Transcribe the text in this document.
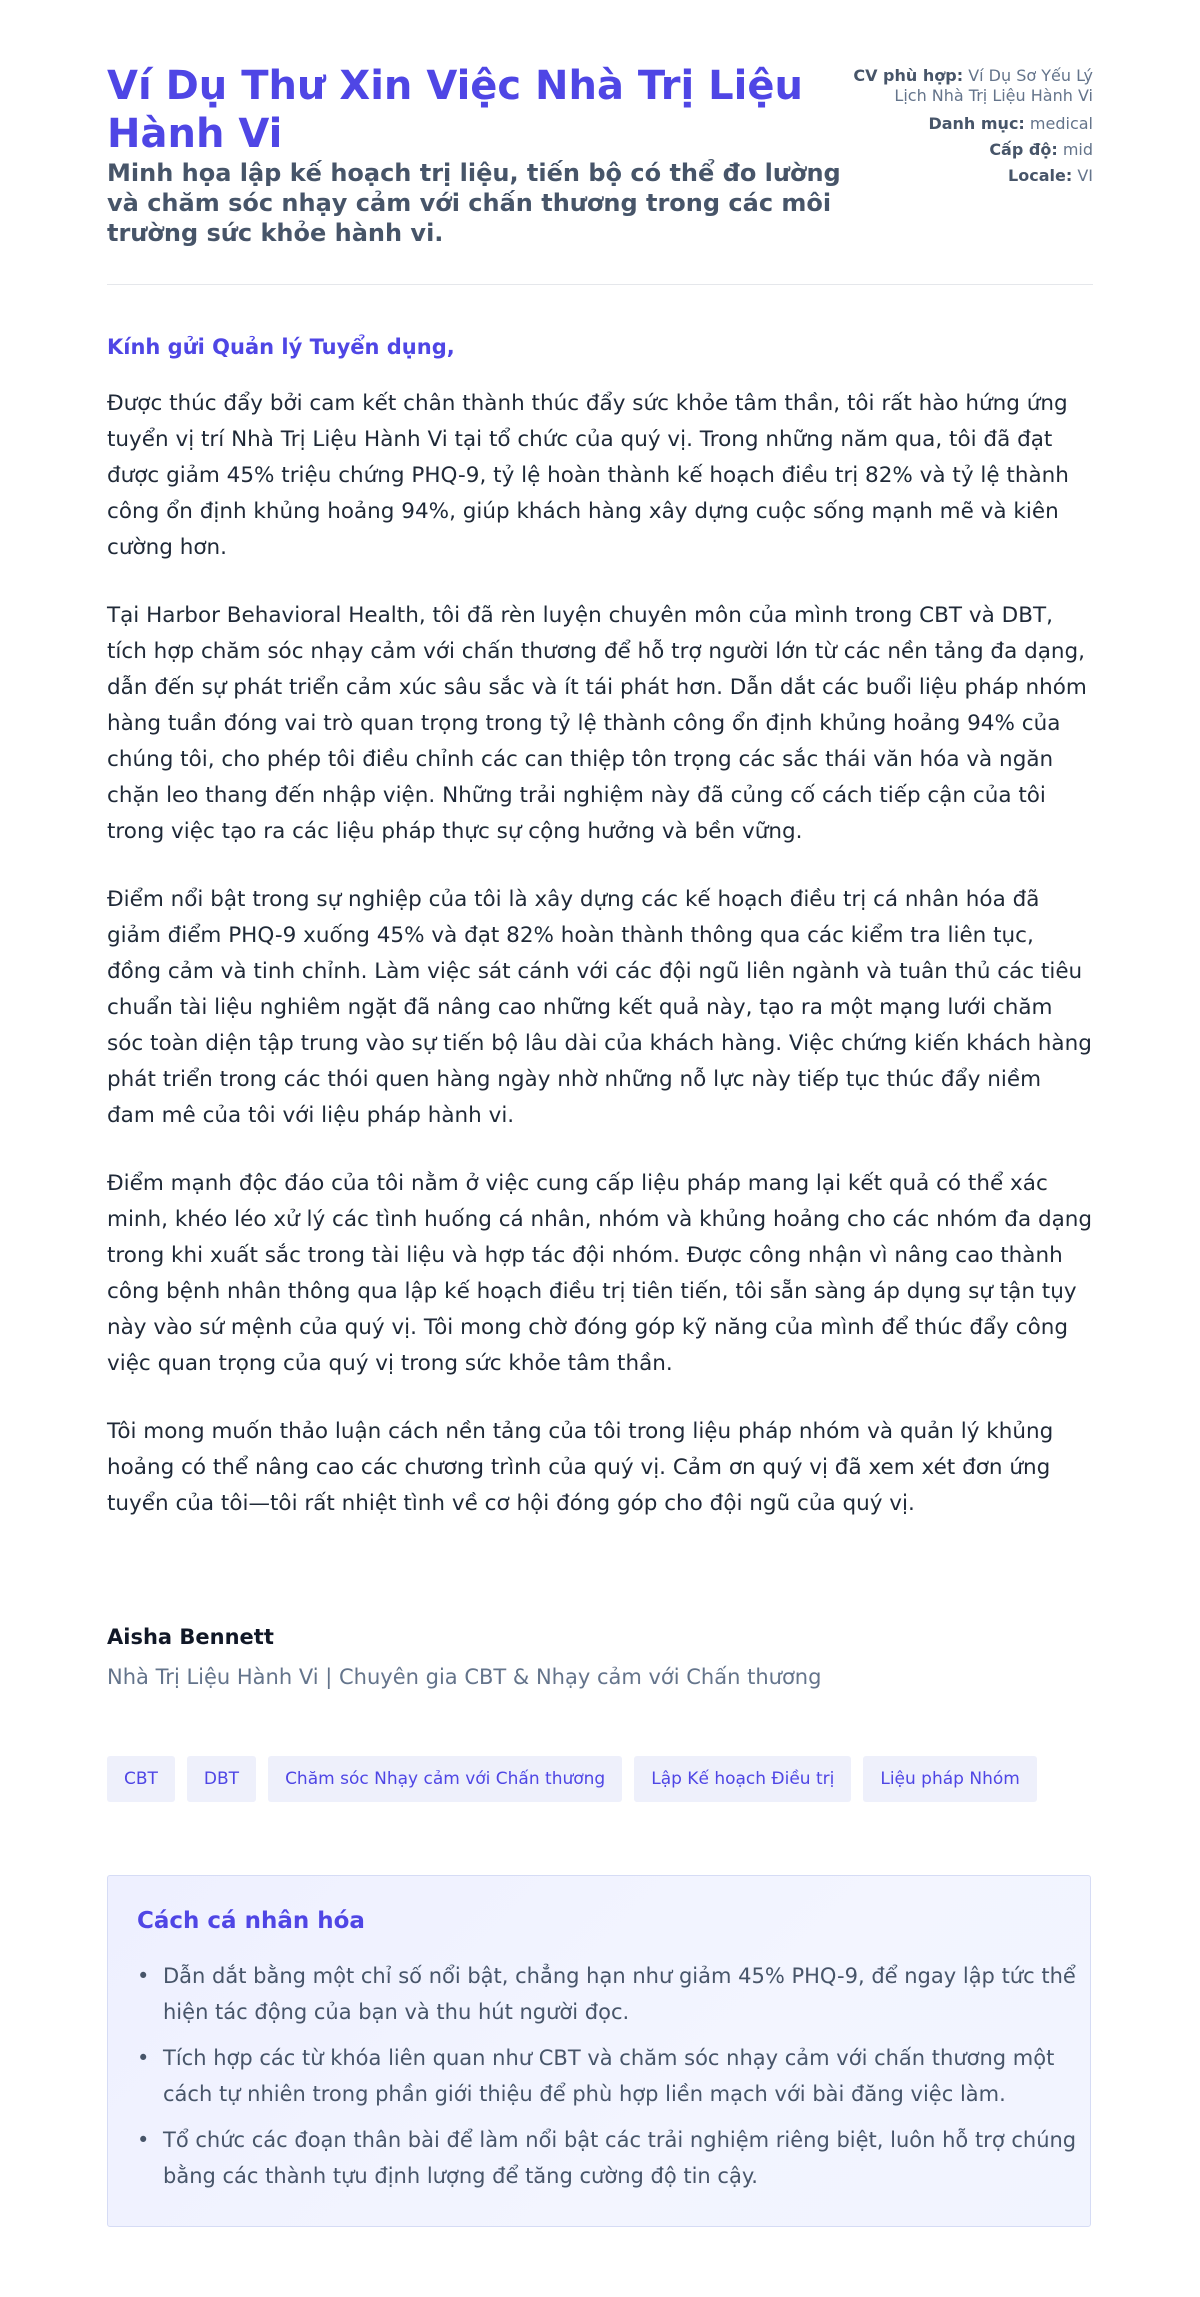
Ví Dụ Thư Xin Việc Nhà Trị Liệu Hành Vi
Minh họa lập kế hoạch trị liệu, tiến bộ có thể đo lường và chăm sóc nhạy cảm với chấn thương trong các môi trường sức khỏe hành vi.

CV phù hợp: Ví Dụ Sơ Yếu Lý Lịch Nhà Trị Liệu Hành Vi

Danh mục: medical

Cấp độ: mid

Locale: VI

Kính gửi Quản lý Tuyển dụng,

Được thúc đẩy bởi cam kết chân thành thúc đẩy sức khỏe tâm thần, tôi rất hào hứng ứng tuyển vị trí Nhà Trị Liệu Hành Vi tại tổ chức của quý vị. Trong những năm qua, tôi đã đạt được giảm 45% triệu chứng PHQ-9, tỷ lệ hoàn thành kế hoạch điều trị 82% và tỷ lệ thành công ổn định khủng hoảng 94%, giúp khách hàng xây dựng cuộc sống mạnh mẽ và kiên cường hơn.

Tại Harbor Behavioral Health, tôi đã rèn luyện chuyên môn của mình trong CBT và DBT, tích hợp chăm sóc nhạy cảm với chấn thương để hỗ trợ người lớn từ các nền tảng đa dạng, dẫn đến sự phát triển cảm xúc sâu sắc và ít tái phát hơn. Dẫn dắt các buổi liệu pháp nhóm hàng tuần đóng vai trò quan trọng trong tỷ lệ thành công ổn định khủng hoảng 94% của chúng tôi, cho phép tôi điều chỉnh các can thiệp tôn trọng các sắc thái văn hóa và ngăn chặn leo thang đến nhập viện. Những trải nghiệm này đã củng cố cách tiếp cận của tôi trong việc tạo ra các liệu pháp thực sự cộng hưởng và bền vững.

Điểm nổi bật trong sự nghiệp của tôi là xây dựng các kế hoạch điều trị cá nhân hóa đã giảm điểm PHQ-9 xuống 45% và đạt 82% hoàn thành thông qua các kiểm tra liên tục, đồng cảm và tinh chỉnh. Làm việc sát cánh với các đội ngũ liên ngành và tuân thủ các tiêu chuẩn tài liệu nghiêm ngặt đã nâng cao những kết quả này, tạo ra một mạng lưới chăm sóc toàn diện tập trung vào sự tiến bộ lâu dài của khách hàng. Việc chứng kiến khách hàng phát triển trong các thói quen hàng ngày nhờ những nỗ lực này tiếp tục thúc đẩy niềm đam mê của tôi với liệu pháp hành vi.

Điểm mạnh độc đáo của tôi nằm ở việc cung cấp liệu pháp mang lại kết quả có thể xác minh, khéo léo xử lý các tình huống cá nhân, nhóm và khủng hoảng cho các nhóm đa dạng trong khi xuất sắc trong tài liệu và hợp tác đội nhóm. Được công nhận vì nâng cao thành công bệnh nhân thông qua lập kế hoạch điều trị tiên tiến, tôi sẵn sàng áp dụng sự tận tụy này vào sứ mệnh của quý vị. Tôi mong chờ đóng góp kỹ năng của mình để thúc đẩy công việc quan trọng của quý vị trong sức khỏe tâm thần.

Tôi mong muốn thảo luận cách nền tảng của tôi trong liệu pháp nhóm và quản lý khủng hoảng có thể nâng cao các chương trình của quý vị. Cảm ơn quý vị đã xem xét đơn ứng tuyển của tôi—tôi rất nhiệt tình về cơ hội đóng góp cho đội ngũ của quý vị.

Aisha Bennett

Nhà Trị Liệu Hành Vi | Chuyên gia CBT & Nhạy cảm với Chấn thương

CBT	DBT	Chăm sóc Nhạy cảm với Chấn thương	Lập Kế hoạch Điều trị	Liệu pháp Nhóm
Cách cá nhân hóa
• Dẫn dắt bằng một chỉ số nổi bật, chẳng hạn như giảm 45% PHQ-9, để ngay lập tức thể hiện tác động của bạn và thu hút người đọc.
• Tích hợp các từ khóa liên quan như CBT và chăm sóc nhạy cảm với chấn thương một cách tự nhiên trong phần giới thiệu để phù hợp liền mạch với bài đăng việc làm.
• Tổ chức các đoạn thân bài để làm nổi bật các trải nghiệm riêng biệt, luôn hỗ trợ chúng bằng các thành tựu định lượng để tăng cường độ tin cậy.
